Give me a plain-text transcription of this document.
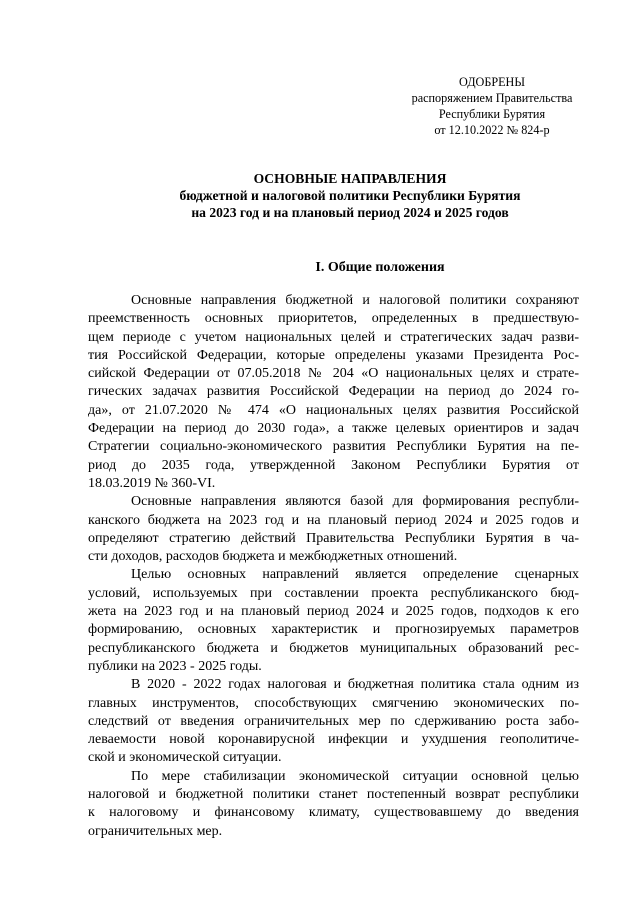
ОДОБРЕНЫ
распоряжением Правительства
Республики Бурятия
от 12.10.2022 № 824-р
ОСНОВНЫЕ НАПРАВЛЕНИЯ
бюджетной и налоговой политики Республики Бурятия
на 2023 год и на плановый период 2024 и 2025 годов
I. Общие положения
Основные направления бюджетной и налоговой политики сохраняют
преемственность основных приоритетов, определенных в предшествую-
щем периоде с учетом национальных целей и стратегических задач разви-
тия Российской Федерации, которые определены указами Президента Рос-
сийской Федерации от 07.05.2018 № 204 «О национальных целях и страте-
гических задачах развития Российской Федерации на период до 2024 го-
да», от 21.07.2020 № 474 «О национальных целях развития Российской
Федерации на период до 2030 года», а также целевых ориентиров и задач
Стратегии социально-экономического развития Республики Бурятия на пе-
риод до 2035 года, утвержденной Законом Республики Бурятия от
18.03.2019 № 360-VI.
Основные направления являются базой для формирования республи-
канского бюджета на 2023 год и на плановый период 2024 и 2025 годов и
определяют стратегию действий Правительства Республики Бурятия в ча-
сти доходов, расходов бюджета и межбюджетных отношений.
Целью основных направлений является определение сценарных
условий, используемых при составлении проекта республиканского бюд-
жета на 2023 год и на плановый период 2024 и 2025 годов, подходов к его
формированию, основных характеристик и прогнозируемых параметров
республиканского бюджета и бюджетов муниципальных образований рес-
публики на 2023 - 2025 годы.
В 2020 - 2022 годах налоговая и бюджетная политика стала одним из
главных инструментов, способствующих смягчению экономических по-
следствий от введения ограничительных мер по сдерживанию роста забо-
леваемости новой коронавирусной инфекции и ухудшения геополитиче-
ской и экономической ситуации.
По мере стабилизации экономической ситуации основной целью
налоговой и бюджетной политики станет постепенный возврат республики
к налоговому и финансовому климату, существовавшему до введения
ограничительных мер.
